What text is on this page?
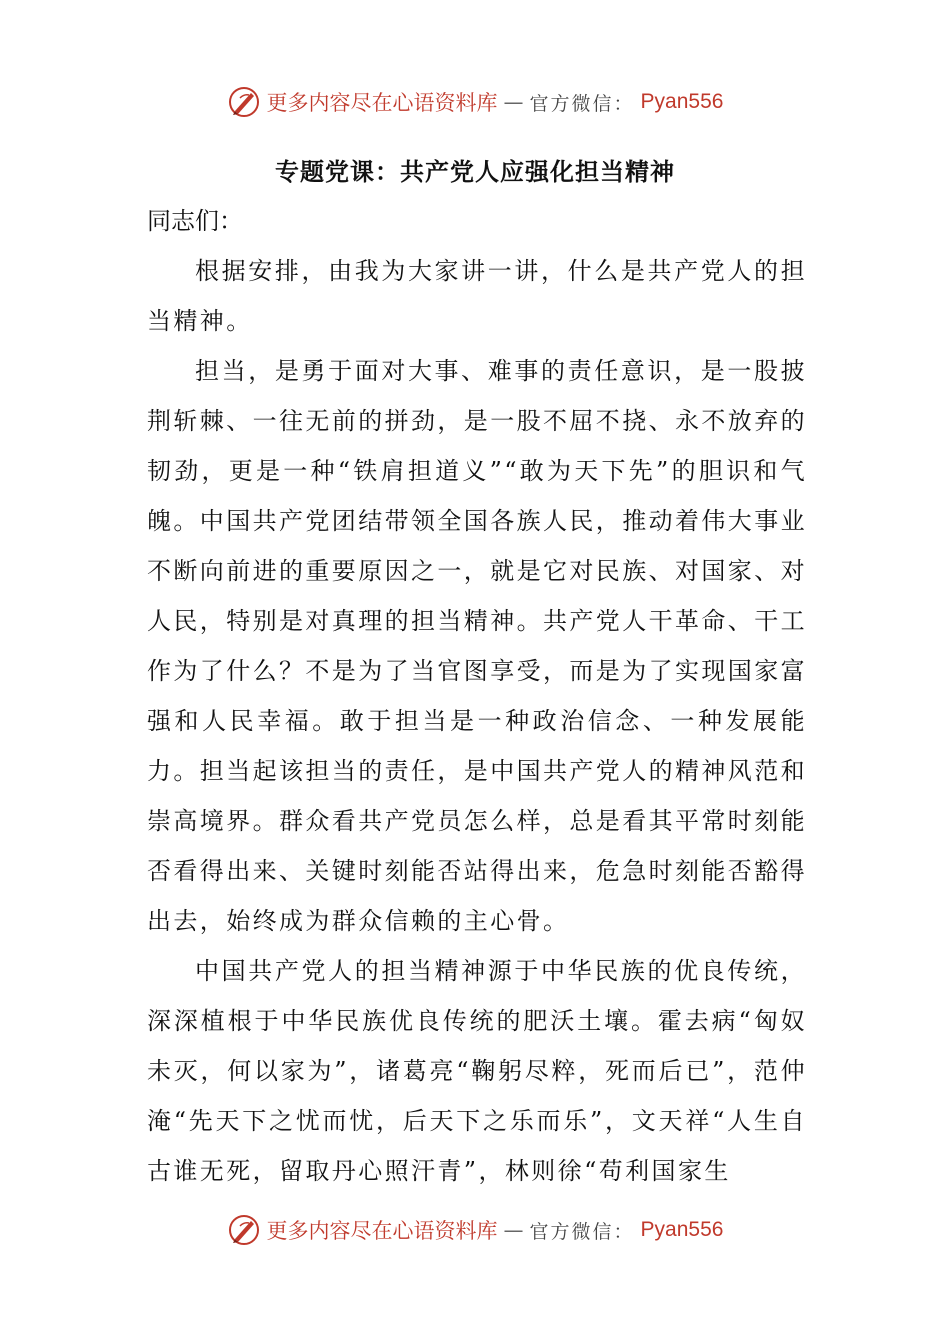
更多内容尽在心语资料库 — 官方微信： Pyan556
专题党课：共产党人应强化担当精神

同志们：

根据安排，由我为大家讲一讲，什么是共产党人的担当精神。

担当，是勇于面对大事、难事的责任意识，是一股披荆斩棘、一往无前的拼劲，是一股不屈不挠、永不放弃的韧劲，更是一种“铁肩担道义”“敢为天下先”的胆识和气魄。中国共产党团结带领全国各族人民，推动着伟大事业不断向前进的重要原因之一，就是它对民族、对国家、对人民，特别是对真理的担当精神。共产党人干革命、干工作为了什么？不是为了当官图享受，而是为了实现国家富强和人民幸福。敢于担当是一种政治信念、一种发展能力。担当起该担当的责任，是中国共产党人的精神风范和崇高境界。群众看共产党员怎么样，总是看其平常时刻能否看得出来、关键时刻能否站得出来，危急时刻能否豁得出去，始终成为群众信赖的主心骨。

中国共产党人的担当精神源于中华民族的优良传统，深深植根于中华民族优良传统的肥沃土壤。霍去病“匈奴未灭，何以家为”，诸葛亮“鞠躬尽粹，死而后已”，范仲淹“先天下之忧而忧，后天下之乐而乐”，文天祥“人生自古谁无死，留取丹心照汗青”，林则徐“苟利国家生

更多内容尽在心语资料库 — 官方微信： Pyan556
